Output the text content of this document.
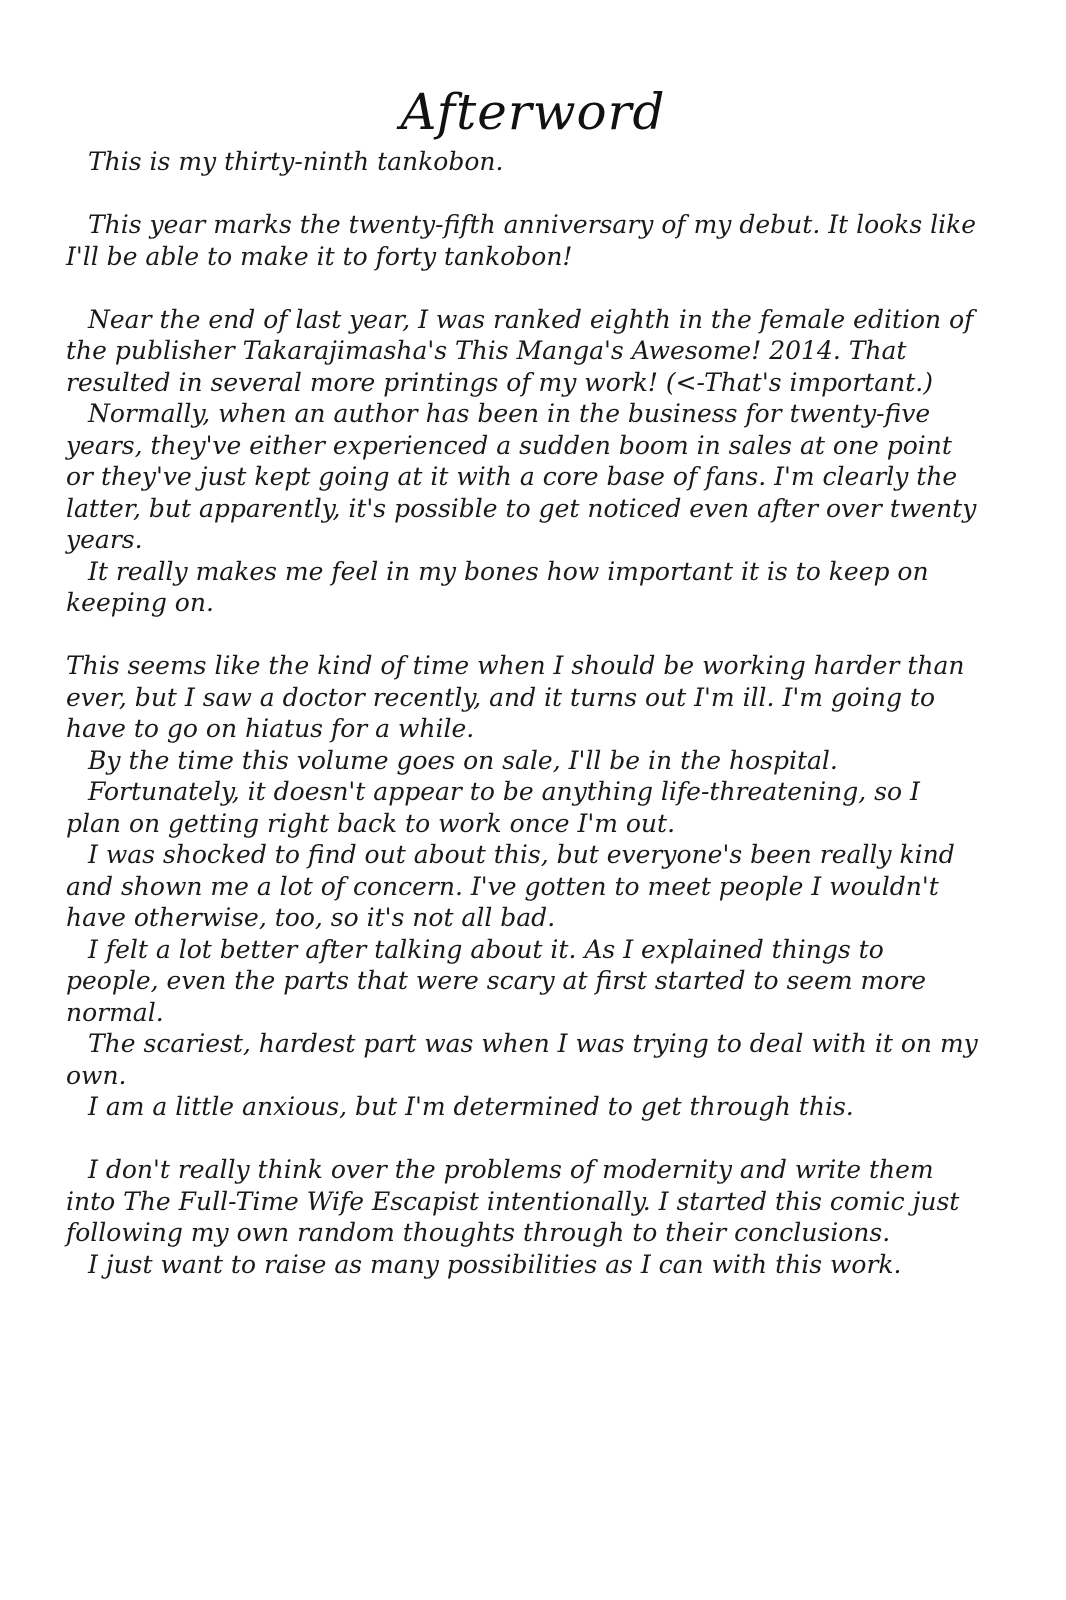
Afterword

This is my thirty-ninth tankobon.

This year marks the twenty-fifth anniversary of my debut. It looks like I'll be able to make it to forty tankobon!

Near the end of last year, I was ranked eighth in the female edition of the publisher Takarajimasha's This Manga's Awesome! 2014. That resulted in several more printings of my work! (<-That's important.)

Normally, when an author has been in the business for twenty-five years, they've either experienced a sudden boom in sales at one point or they've just kept going at it with a core base of fans. I'm clearly the latter, but apparently, it's possible to get noticed even after over twenty years.

It really makes me feel in my bones how important it is to keep on keeping on.

This seems like the kind of time when I should be working harder than ever, but I saw a doctor recently, and it turns out I'm ill. I'm going to have to go on hiatus for a while.

By the time this volume goes on sale, I'll be in the hospital.

Fortunately, it doesn't appear to be anything life-threatening, so I plan on getting right back to work once I'm out.

I was shocked to find out about this, but everyone's been really kind and shown me a lot of concern. I've gotten to meet people I wouldn't have otherwise, too, so it's not all bad.

I felt a lot better after talking about it. As I explained things to people, even the parts that were scary at first started to seem more normal.

The scariest, hardest part was when I was trying to deal with it on my own.

I am a little anxious, but I'm determined to get through this.

I don't really think over the problems of modernity and write them into The Full-Time Wife Escapist intentionally. I started this comic just following my own random thoughts through to their conclusions.

I just want to raise as many possibilities as I can with this work.
